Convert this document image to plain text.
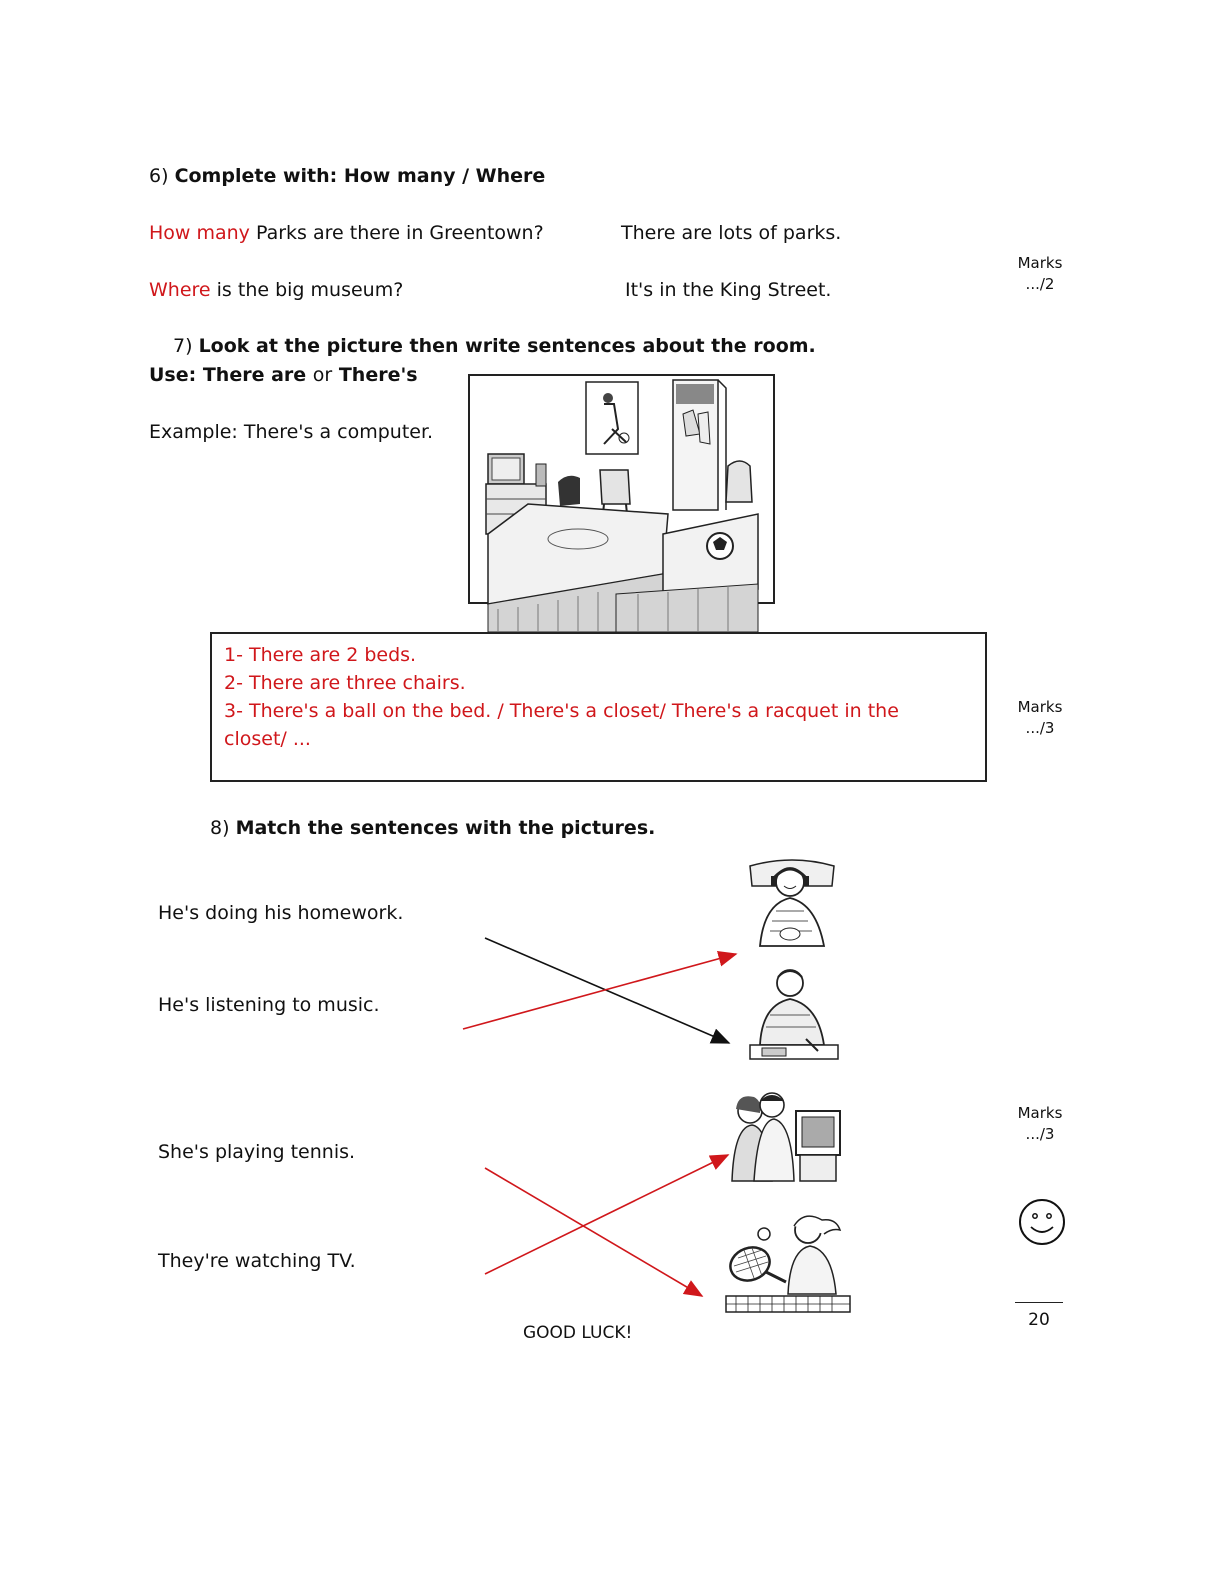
6) Complete with: How many / Where
How many Parks are there in Greentown?	There are lots of parks.
Where is the big museum?	It's in the King Street.
Marks
.../2
7) Look at the picture then write sentences about the room.
Use: There are or There's
Example: There's a computer.
1- There are 2 beds.
2- There are three chairs.
3- There's a ball on the bed. / There's a closet/ There's a racquet in the
closet/ ...
Marks
.../3
8) Match the sentences with the pictures.
He's doing his homework.
He's listening to music.
She's playing tennis.
They're watching TV.
Marks
.../3
20
GOOD LUCK!
